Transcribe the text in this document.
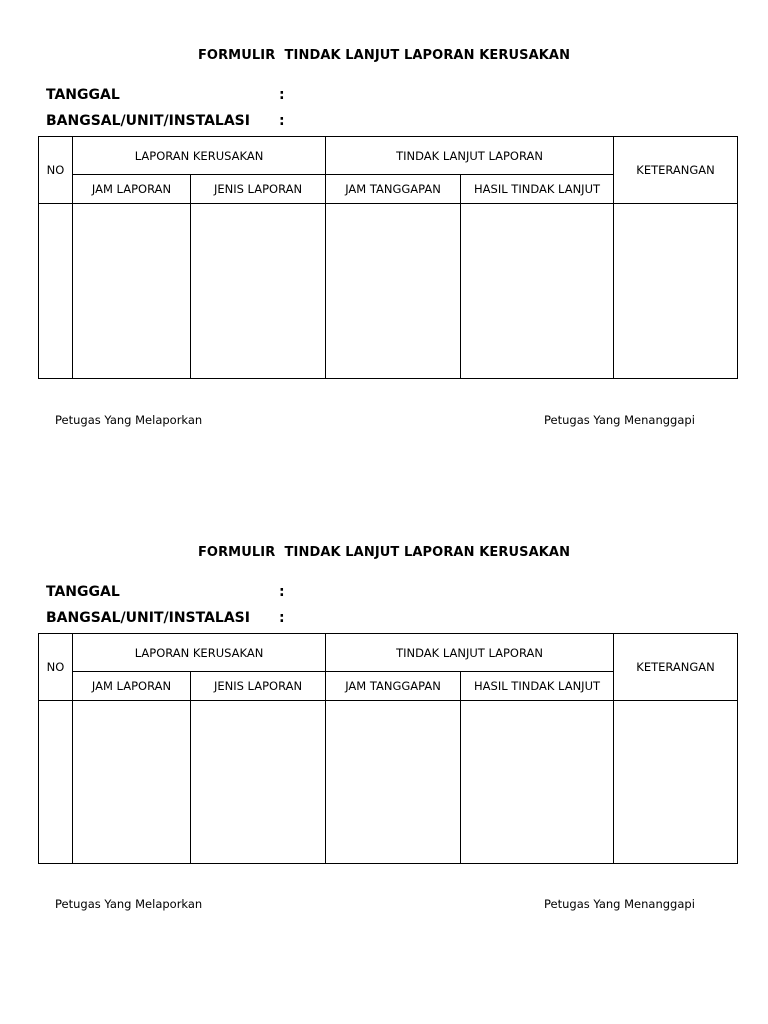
FORMULIR  TINDAK LANJUT LAPORAN KERUSAKAN
TANGGAL	:
BANGSAL/UNIT/INSTALASI :
NO	LAPORAN KERUSAKAN		TINDAK LANJUT LAPORAN		KETERANGAN
	JAM LAPORAN	JENIS LAPORAN	JAM TANGGAPAN	HASIL TINDAK LANJUT	

Petugas Yang Melaporkan	Petugas Yang Menanggapi
FORMULIR  TINDAK LANJUT LAPORAN KERUSAKAN
TANGGAL	:
BANGSAL/UNIT/INSTALASI :
NO	LAPORAN KERUSAKAN		TINDAK LANJUT LAPORAN		KETERANGAN
	JAM LAPORAN	JENIS LAPORAN	JAM TANGGAPAN	HASIL TINDAK LANJUT	

Petugas Yang Melaporkan	Petugas Yang Menanggapi
